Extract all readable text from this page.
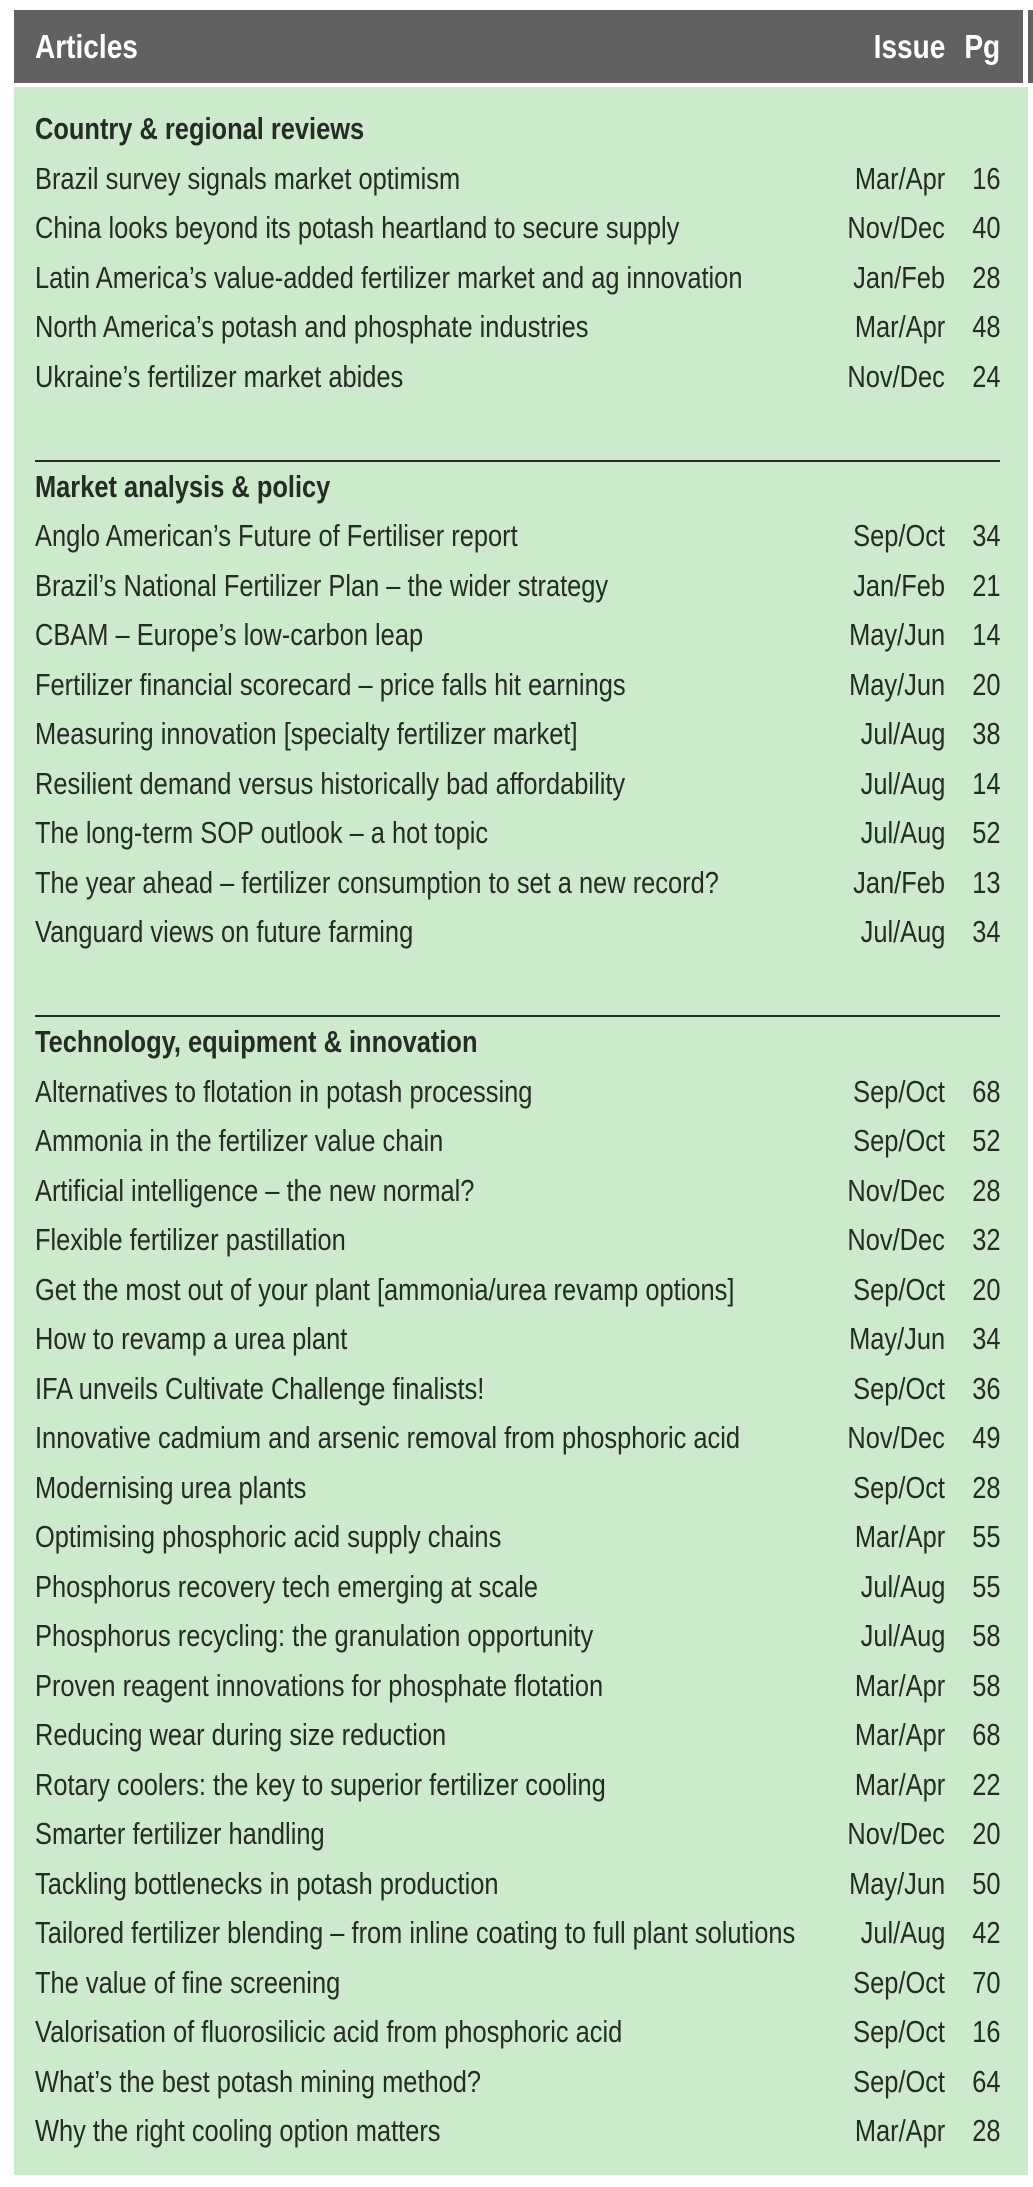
Articles	Issue Pg
Country & regional reviews
Brazil survey signals market optimism	Mar/Apr 16
China looks beyond its potash heartland to secure supply	Nov/Dec 40
Latin America’s value-added fertilizer market and ag innovation	Jan/Feb 28
North America’s potash and phosphate industries	Mar/Apr 48
Ukraine’s fertilizer market abides	Nov/Dec 24
Market analysis & policy
Anglo American’s Future of Fertiliser report	Sep/Oct 34
Brazil’s National Fertilizer Plan – the wider strategy	Jan/Feb 21
CBAM – Europe’s low-carbon leap	May/Jun 14
Fertilizer financial scorecard – price falls hit earnings	May/Jun 20
Measuring innovation [specialty fertilizer market]	Jul/Aug 38
Resilient demand versus historically bad affordability	Jul/Aug 14
The long-term SOP outlook – a hot topic	Jul/Aug 52
The year ahead – fertilizer consumption to set a new record?	Jan/Feb 13
Vanguard views on future farming	Jul/Aug 34
Technology, equipment & innovation
Alternatives to flotation in potash processing	Sep/Oct 68
Ammonia in the fertilizer value chain	Sep/Oct 52
Artificial intelligence – the new normal?	Nov/Dec 28
Flexible fertilizer pastillation	Nov/Dec 32
Get the most out of your plant [ammonia/urea revamp options]	Sep/Oct 20
How to revamp a urea plant	May/Jun 34
IFA unveils Cultivate Challenge finalists!	Sep/Oct 36
Innovative cadmium and arsenic removal from phosphoric acid	Nov/Dec 49
Modernising urea plants	Sep/Oct 28
Optimising phosphoric acid supply chains	Mar/Apr 55
Phosphorus recovery tech emerging at scale	Jul/Aug 55
Phosphorus recycling: the granulation opportunity	Jul/Aug 58
Proven reagent innovations for phosphate flotation	Mar/Apr 58
Reducing wear during size reduction	Mar/Apr 68
Rotary coolers: the key to superior fertilizer cooling	Mar/Apr 22
Smarter fertilizer handling	Nov/Dec 20
Tackling bottlenecks in potash production	May/Jun 50
Tailored fertilizer blending – from inline coating to full plant solutions	Jul/Aug 42
The value of fine screening	Sep/Oct 70
Valorisation of fluorosilicic acid from phosphoric acid	Sep/Oct 16
What’s the best potash mining method?	Sep/Oct 64
Why the right cooling option matters	Mar/Apr 28
